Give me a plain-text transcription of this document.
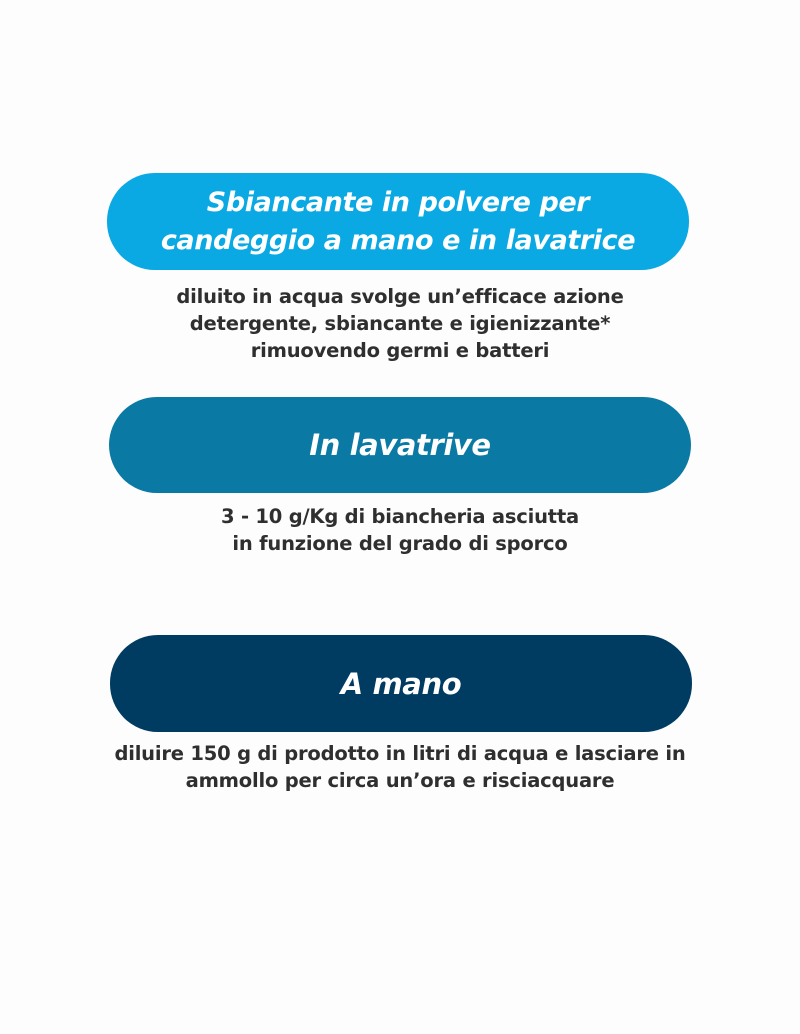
Sbiancante in polvere per
candeggio a mano e in lavatrice
diluito in acqua svolge un’efficace azione
detergente, sbiancante e igienizzante*
rimuovendo germi e batteri
In lavatrive
3 - 10 g/Kg di biancheria asciutta
in funzione del grado di sporco
A mano
diluire 150 g di prodotto in litri di acqua e lasciare in
ammollo per circa un’ora e risciacquare
